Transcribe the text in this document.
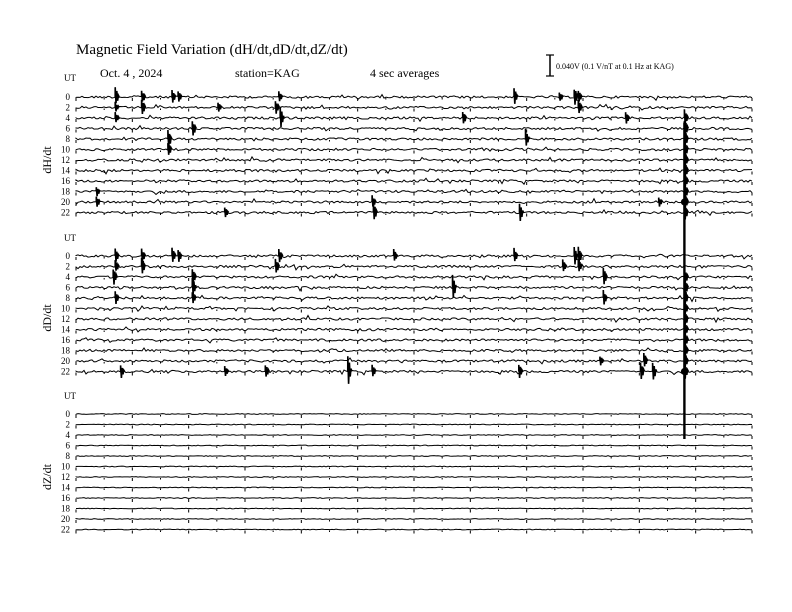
Magnetic Field Variation (dH/dt,dD/dt,dZ/dt)
Oct. 4 , 2024	station=KAG	4 sec averages	0.040V (0.1 V/nT at 0.1 Hz at KAG)
UT
dH/dt
0
2
4
6
8
10
12
14
16
18
20
22
UT
dD/dt
0
2
4
6
8
10
12
14
16
18
20
22
UT
dZ/dt
0
2
4
6
8
10
12
14
16
18
20
22
